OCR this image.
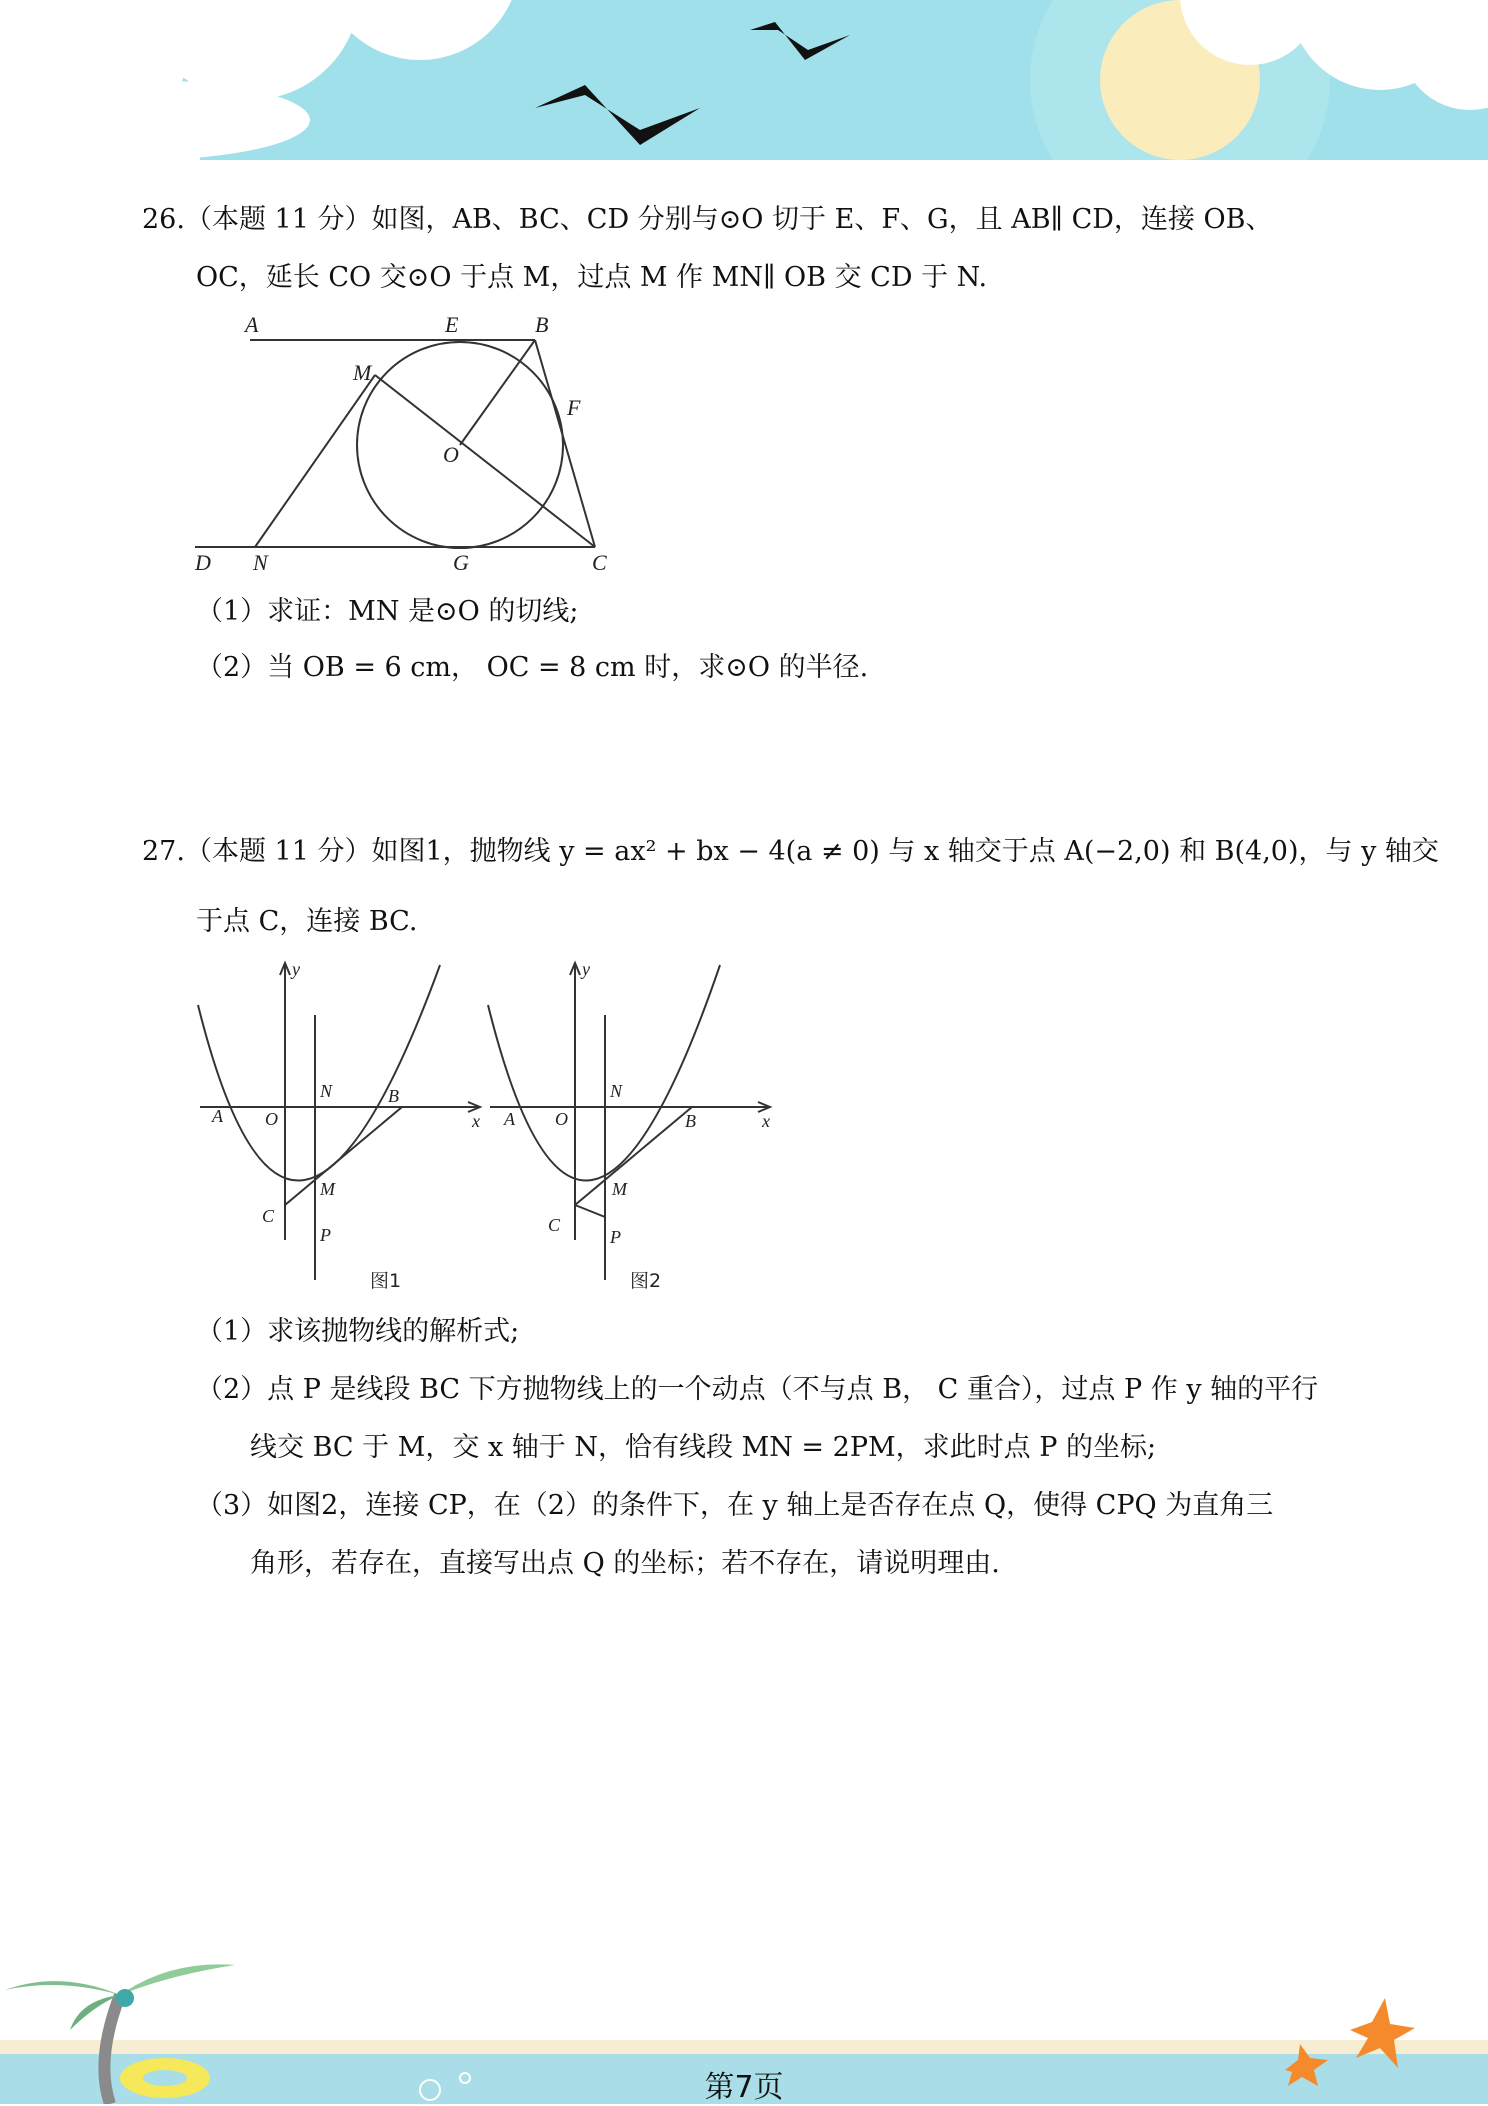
26.（本题 11 分）如图，AB、BC、CD 分别与⊙O 切于 E、F、G，且 AB∥ CD，连接 OB、
OC，延长 CO 交⊙O 于点 M，过点 M 作 MN∥ OB 交 CD 于 N.
A	E	B
M
F
O
D N	G	C
（1）求证：MN 是⊙O 的切线;
（2）当 OB = 6 cm， OC = 8 cm 时，求⊙O 的半径.
27.（本题 11 分）如图1，抛物线 y = ax² + bx − 4(a ≠ 0) 与 x 轴交于点 A(−2,0) 和 B(4,0)，与 y 轴交
于点 C，连接 BC.
y
x
A O
N	B
M
C
P
图1
y
x
A O
N
B
M
C
P
图2
（1）求该抛物线的解析式;
（2）点 P 是线段 BC 下方抛物线上的一个动点（不与点 B， C 重合），过点 P 作 y 轴的平行
线交 BC 于 M，交 x 轴于 N，恰有线段 MN = 2PM，求此时点 P 的坐标;
（3）如图2，连接 CP，在（2）的条件下，在 y 轴上是否存在点 Q，使得 CPQ 为直角三
角形，若存在，直接写出点 Q 的坐标；若不存在，请说明理由.
第7页
